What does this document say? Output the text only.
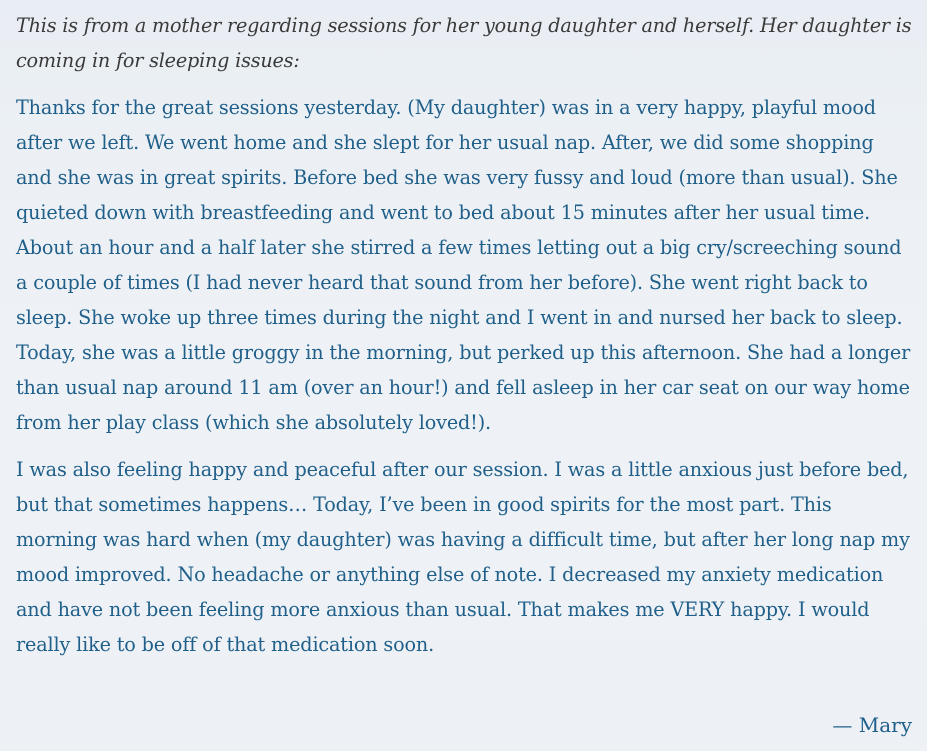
This is from a mother regarding sessions for her young daughter and herself. Her daughter is coming in for sleeping issues:

Thanks for the great sessions yesterday. (My daughter) was in a very happy, playful mood after we left. We went home and she slept for her usual nap. After, we did some shopping and she was in great spirits. Before bed she was very fussy and loud (more than usual). She quieted down with breastfeeding and went to bed about 15 minutes after her usual time. About an hour and a half later she stirred a few times letting out a big cry/screeching sound a couple of times (I had never heard that sound from her before). She went right back to sleep. She woke up three times during the night and I went in and nursed her back to sleep. Today, she was a little groggy in the morning, but perked up this afternoon. She had a longer than usual nap around 11 am (over an hour!) and fell asleep in her car seat on our way home from her play class (which she absolutely loved!).

I was also feeling happy and peaceful after our session. I was a little anxious just before bed, but that sometimes happens… Today, I’ve been in good spirits for the most part. This morning was hard when (my daughter) was having a difficult time, but after her long nap my mood improved. No headache or anything else of note. I decreased my anxiety medication and have not been feeling more anxious than usual. That makes me VERY happy. I would really like to be off of that medication soon.

— Mary
